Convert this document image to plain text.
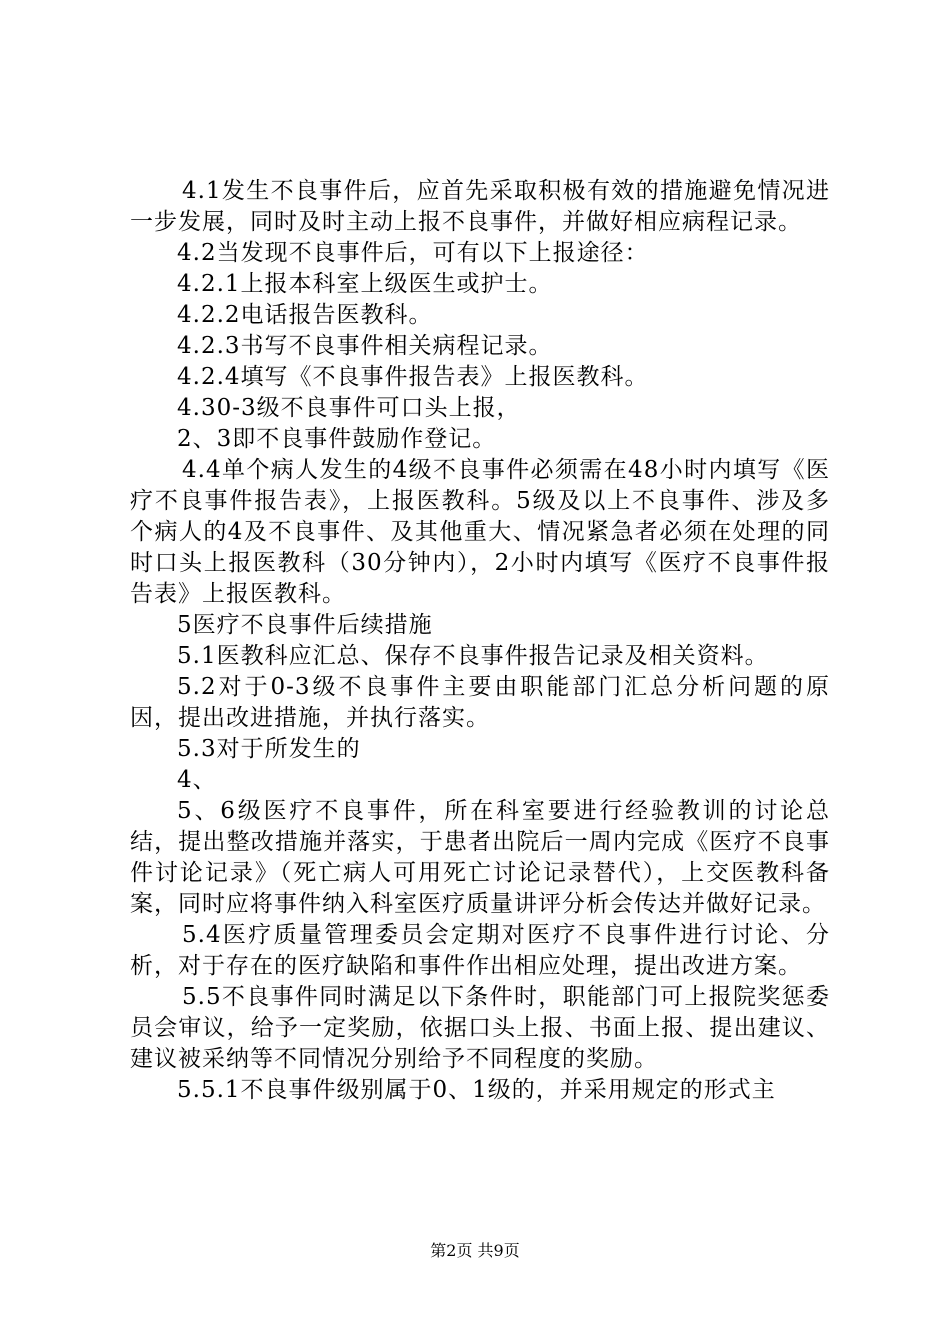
4.1发生不良事件后，应首先采取积极有效的措施避免情况进一步发展，同时及时主动上报不良事件，并做好相应病程记录。

4.2当发现不良事件后，可有以下上报途径：

4.2.1上报本科室上级医生或护士。

4.2.2电话报告医教科。

4.2.3书写不良事件相关病程记录。

4.2.4填写《不良事件报告表》上报医教科。

4.30-3级不良事件可口头上报，

2、3即不良事件鼓励作登记。

4.4单个病人发生的4级不良事件必须需在48小时内填写《医疗不良事件报告表》，上报医教科。5级及以上不良事件、涉及多个病人的4及不良事件、及其他重大、情况紧急者必须在处理的同时口头上报医教科（30分钟内），2小时内填写《医疗不良事件报告表》上报医教科。

5医疗不良事件后续措施

5.1医教科应汇总、保存不良事件报告记录及相关资料。

5.2对于0-3级不良事件主要由职能部门汇总分析问题的原因，提出改进措施，并执行落实。

5.3对于所发生的

4、

5、6级医疗不良事件，所在科室要进行经验教训的讨论总结，提出整改措施并落实，于患者出院后一周内完成《医疗不良事件讨论记录》（死亡病人可用死亡讨论记录替代），上交医教科备案，同时应将事件纳入科室医疗质量讲评分析会传达并做好记录。

5.4医疗质量管理委员会定期对医疗不良事件进行讨论、分析，对于存在的医疗缺陷和事件作出相应处理，提出改进方案。

5.5不良事件同时满足以下条件时，职能部门可上报院奖惩委员会审议，给予一定奖励，依据口头上报、书面上报、提出建议、建议被采纳等不同情况分别给予不同程度的奖励。

5.5.1不良事件级别属于0、1级的，并采用规定的形式主

第2页 共9页
